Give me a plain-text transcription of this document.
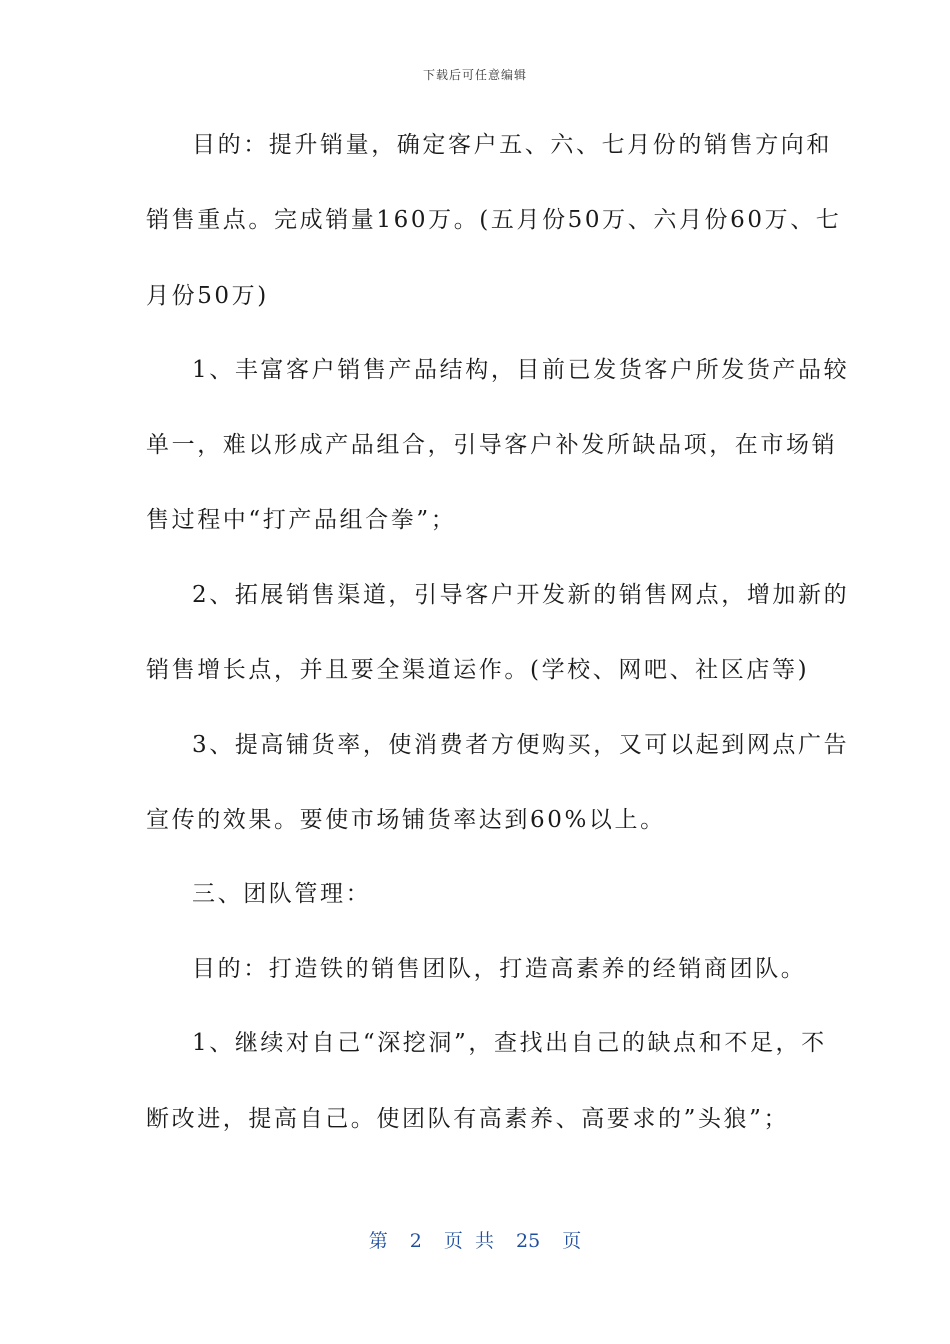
下载后可任意编辑
目的：提升销量，确定客户五、六、七月份的销售方向和
销售重点。完成销量160万。(五月份50万、六月份60万、七
月份50万)
1、丰富客户销售产品结构，目前已发货客户所发货产品较
单一，难以形成产品组合，引导客户补发所缺品项，在市场销
售过程中“打产品组合拳”；
2、拓展销售渠道，引导客户开发新的销售网点，增加新的
销售增长点，并且要全渠道运作。(学校、网吧、社区店等)
3、提高铺货率，使消费者方便购买，又可以起到网点广告
宣传的效果。要使市场铺货率达到60%以上。
三、团队管理：
目的：打造铁的销售团队，打造高素养的经销商团队。
1、继续对自己“深挖洞”，查找出自己的缺点和不足，不
断改进，提高自己。使团队有高素养、高要求的”头狼”；
第 2 页 共 25 页
